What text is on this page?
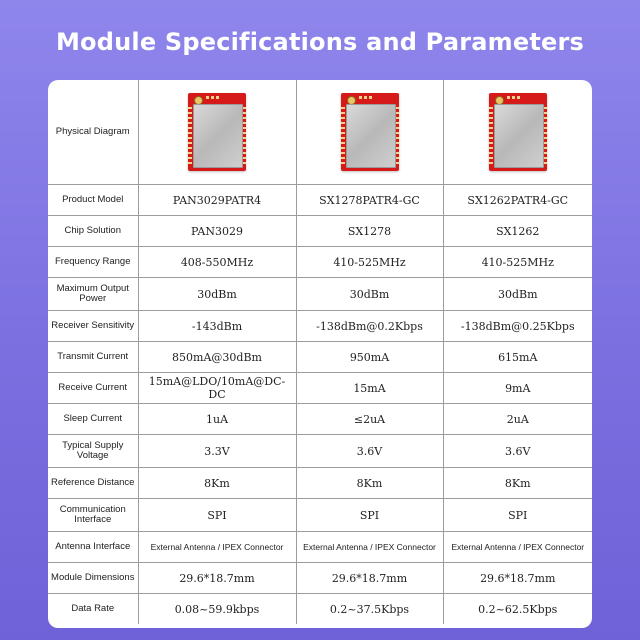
Module Specifications and Parameters
Physical Diagram	

Product Model	PAN3029PATR4	SX1278PATR4-GC	SX1262PATR4-GC
Chip Solution	PAN3029	SX1278	SX1262
Frequency Range	408-550MHz	410-525MHz	410-525MHz
Maximum Output Power	30dBm	30dBm	30dBm
Receiver Sensitivity	-143dBm	-138dBm@0.2Kbps	-138dBm@0.25Kbps
Transmit Current	850mA@30dBm	950mA	615mA
Receive Current	15mA@LDO/10mA@DC-DC	15mA	9mA
Sleep Current	1uA	≤2uA	2uA
Typical Supply Voltage	3.3V	3.6V	3.6V
Reference Distance	8Km	8Km	8Km
Communication Interface	SPI	SPI	SPI
Antenna Interface	External Antenna / IPEX Connector	External Antenna / IPEX Connector	External Antenna / IPEX Connector
Module Dimensions	29.6*18.7mm	29.6*18.7mm	29.6*18.7mm
Data Rate	0.08~59.9kbps	0.2~37.5Kbps	0.2~62.5Kbps
